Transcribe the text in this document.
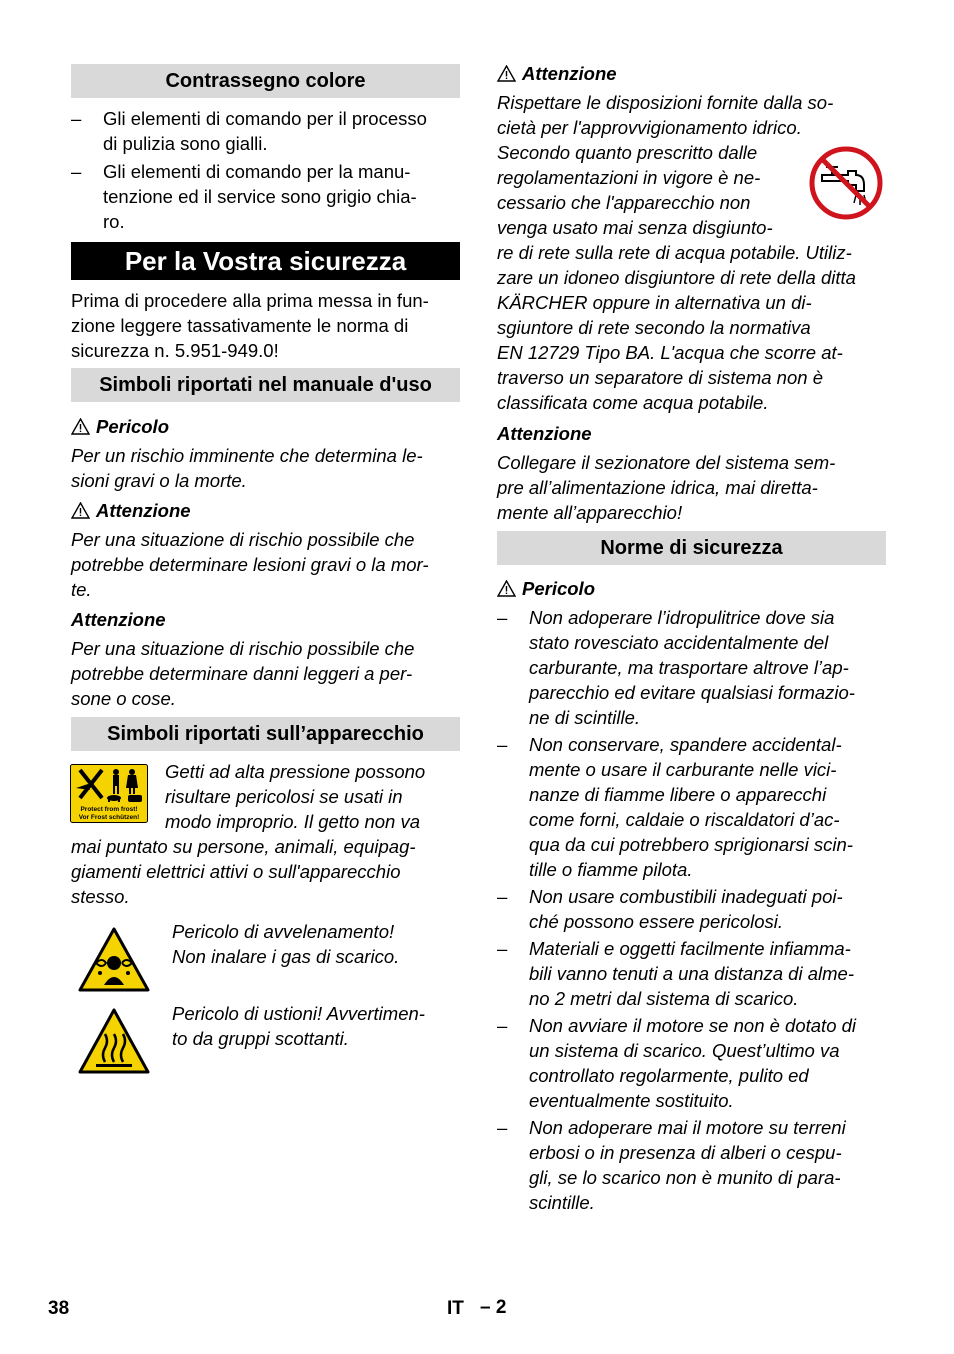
Contrassegno colore
– Gli elementi di comando per il processo
di pulizia sono gialli.
– Gli elementi di comando per la manu-
tenzione ed il service sono grigio chia-
ro.
Per la Vostra sicurezza
Prima di procedere alla prima messa in fun-
zione leggere tassativamente le norma di
sicurezza n. 5.951-949.0!
Simboli riportati nel manuale d'uso
Pericolo
Per un rischio imminente che determina le-
sioni gravi o la morte.
Attenzione
Per una situazione di rischio possibile che
potrebbe determinare lesioni gravi o la mor-
te.
Attenzione
Per una situazione di rischio possibile che
potrebbe determinare danni leggeri a per-
sone o cose.
Simboli riportati sull’apparecchio
Protect from frost!
Vor Frost schützen!
Getti ad alta pressione possono
risultare pericolosi se usati in
modo improprio. Il getto non va
mai puntato su persone, animali, equipag-
giamenti elettrici attivi o sull'apparecchio
stesso.
Pericolo di avvelenamento!
Non inalare i gas di scarico.
Pericolo di ustioni! Avvertimen-
to da gruppi scottanti.
Attenzione
Rispettare le disposizioni fornite dalla so-
cietà per l'approvvigionamento idrico.
Secondo quanto prescritto dalle
regolamentazioni in vigore è ne-
cessario che l'apparecchio non
venga usato mai senza disgiunto-
re di rete sulla rete di acqua potabile. Utiliz-
zare un idoneo disgiuntore di rete della ditta
KÄRCHER oppure in alternativa un di-
sgiuntore di rete secondo la normativa
EN 12729 Tipo BA. L'acqua che scorre at-
traverso un separatore di sistema non è
classificata come acqua potabile.
Attenzione
Collegare il sezionatore del sistema sem-
pre all’alimentazione idrica, mai diretta-
mente all’apparecchio!
Norme di sicurezza
Pericolo
– Non adoperare l’idropulitrice dove sia
stato rovesciato accidentalmente del
carburante, ma trasportare altrove l’ap-
parecchio ed evitare qualsiasi formazio-
ne di scintille.
– Non conservare, spandere accidental-
mente o usare il carburante nelle vici-
nanze di fiamme libere o apparecchi
come forni, caldaie o riscaldatori d’ac-
qua da cui potrebbero sprigionarsi scin-
tille o fiamme pilota.
– Non usare combustibili inadeguati poi-
ché possono essere pericolosi.
– Materiali e oggetti facilmente infiamma-
bili vanno tenuti a una distanza di almе-
no 2 metri dal sistema di scarico.
– Non avviare il motore se non è dotato di
un sistema di scarico. Quest’ultimo va
controllato regolarmente, pulito ed
eventualmente sostituito.
– Non adoperare mai il motore su terreni
erbosi o in presenza di alberi o cespu-
gli, se lo scarico non è munito di para-
scintille.
38	IT – 2
